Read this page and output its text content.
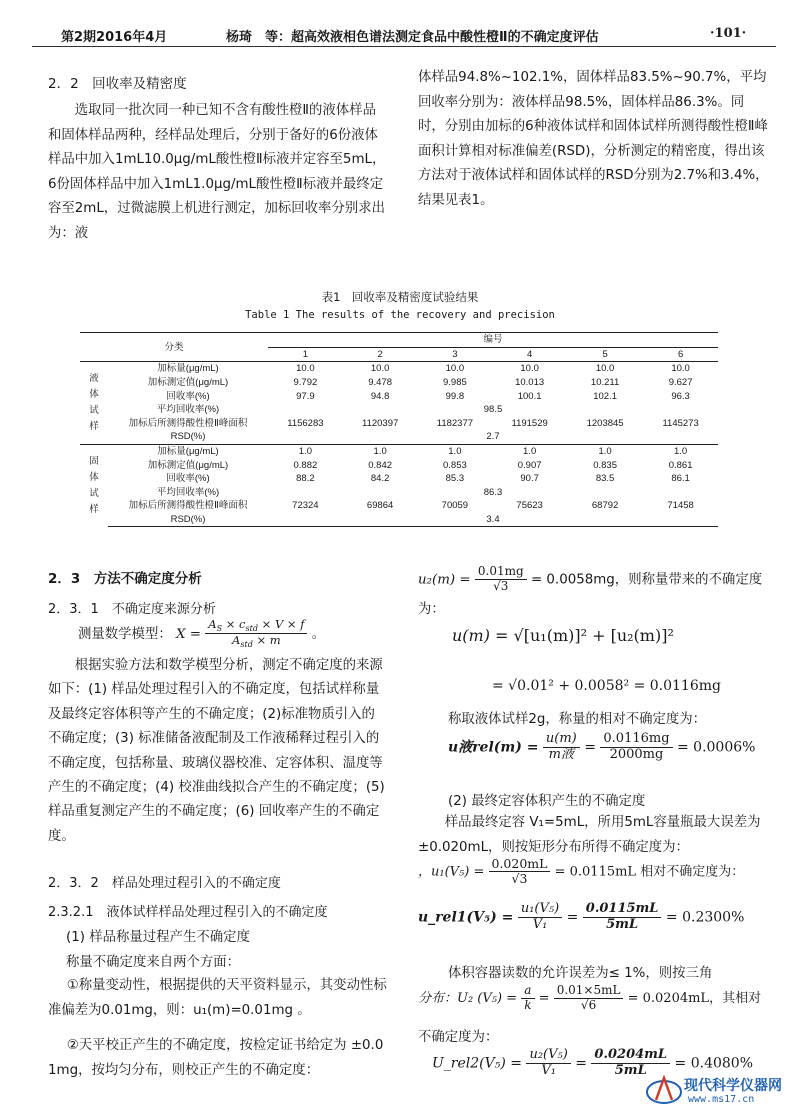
第2期2016年4月	杨琦　等：超高效液相色谱法测定食品中酸性橙Ⅱ的不确定度评估	·101·
2．2　回收率及精密度
选取同一批次同一种已知不含有酸性橙Ⅱ的液体样品和固体样品两种，经样品处理后，分别于备好的6份液体样品中加入1mL10.0μg/mL酸性橙Ⅱ标液并定容至5mL，6份固体样品中加入1mL1.0μg/mL酸性橙Ⅱ标液并最终定容至2mL，过微滤膜上机进行测定，加标回收率分别求出为：液
体样品94.8%~102.1%，固体样品83.5%~90.7%，平均回收率分别为：液体样品98.5%，固体样品86.3%。同时，分别由加标的6种液体试样和固体试样所测得酸性橙Ⅱ峰面积计算相对标准偏差(RSD)，分析测定的精密度，得出该方法对于液体试样和固体试样的RSD分别为2.7%和3.4%，结果见表1。
表1　回收率及精密度试验结果
Table 1 The results of the recovery and precision
分类		编号					
		1	2	3	4	5	6

液
体
试
样	加标量(μg/mL)	10.0	10.0	10.0	10.0	10.0	10.0
	加标测定值(μg/mL)	9.792	9.478	9.985	10.013	10.211	9.627
	回收率(%)	97.9	94.8	99.8	100.1	102.1	96.3
	平均回收率(%)	98.5					
	加标后所测得酸性橙Ⅱ峰面积	1156283	1120397	1182377	1191529	1203845	1145273
	RSD(%)	2.7					

固
体
试
样	加标量(μg/mL)	1.0	1.0	1.0	1.0	1.0	1.0
	加标测定值(μg/mL)	0.882	0.842	0.853	0.907	0.835	0.861
	回收率(%)	88.2	84.2	85.3	90.7	83.5	86.1
	平均回收率(%)	86.3					
	加标后所测得酸性橙Ⅱ峰面积	72324	69864	70059	75623	68792	71458
	RSD(%)	3.4					
2．3　方法不确定度分析
2．3．1　不确定度来源分析
测量数学模型： $X = \frac{A_S \times c_{std} \times V \times f}{A_{std} \times m}$ 。
根据实验方法和数学模型分析，测定不确定度的来源如下：(1) 样品处理过程引入的不确定度，包括试样称量及最终定容体积等产生的不确定度；(2)标准物质引入的不确定度；(3) 标准储备液配制及工作液稀释过程引入的不确定度，包括称量、玻璃仪器校准、定容体积、温度等产生的不确定度；(4) 校准曲线拟合产生的不确定度；(5) 样品重复测定产生的不确定度；(6) 回收率产生的不确定度。
2．3．2　样品处理过程引入的不确定度
2.3.2.1　液体试样样品处理过程引入的不确定度
(1) 样品称量过程产生不确定度
称量不确定度来自两个方面：
①称量变动性，根据提供的天平资料显示，其变动性标准偏差为0.01mg，则：u₁(m)=0.01mg 。
②天平校正产生的不确定度，按检定证书给定为 ±0.01mg，按均匀分布，则校正产生的不确定度：
$u_2(m) = \frac{0.01mg}{√3} = 0.0058mg$，则称量带来的不确定度
为：
u(m) = √[u₁(m)]² + [u₂(m)]²
= √0.01² + 0.0058² = 0.0116mg
称取液体试样2g，称量的相对不确定度为：
u液$rel(m) = \frac{u(m)}{\text{m液}} = \frac{0.0116mg}{2000mg} = 0.0006\%$
(2) 最终定容体积产生的不确定度
样品最终定容 V₁=5mL，所用5mL容量瓶最大误差为 ±0.020mL，则按矩形分布所得不确定度为：
，$u_1(V_5) = \frac{0.020mL}{√3} = 0.0115mL$ 相对不确定度为：
u_rel1(V₅) = $\frac{\text{u₁(V₅)}}{\text{V₁}} = \frac{0.0115mL}{5mL} = 0.2300\%$
体积容器读数的允许误差为≤ 1%，则按三角
分布：U₂ $(V_5) = \frac{a}{k} = \frac{0.01\times 5mL}{√6} = 0.0204mL$，其相对
不确定度为：
U_rel2(V₅) = $\frac{\text{u₂(V₅)}}{\text{V₁}} = \frac{0.0204mL}{5mL} = 0.4080\%$
现代科学仪器网
www.ms17.cn
